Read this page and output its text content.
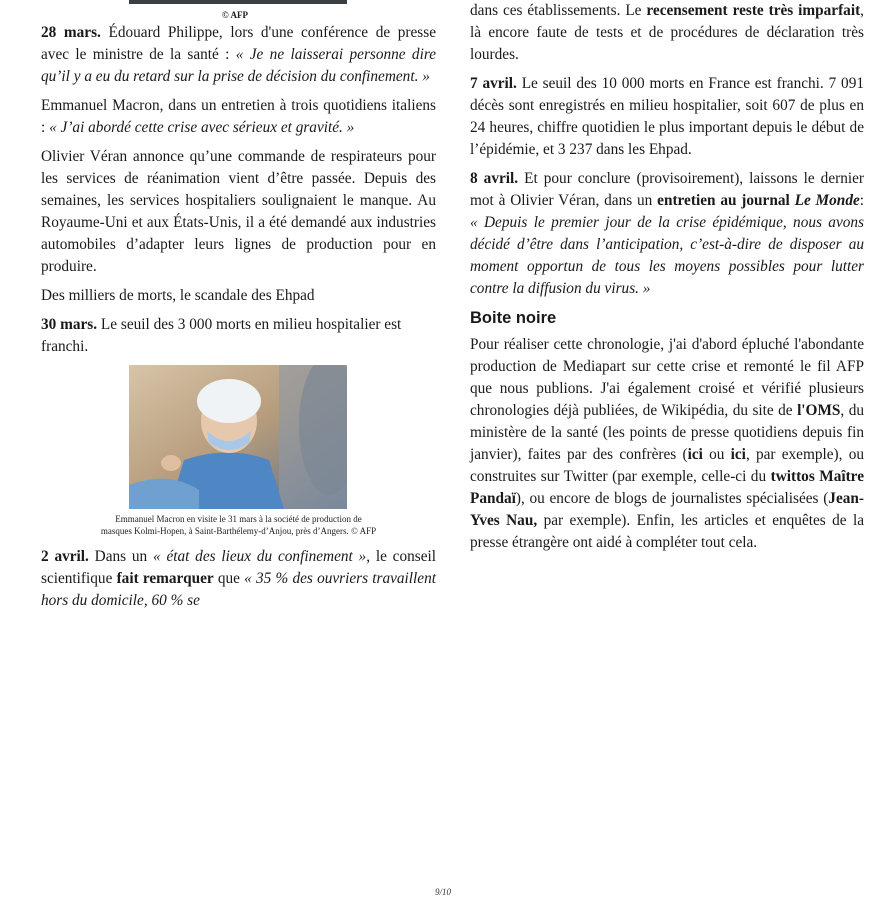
© AFP

28 mars. Édouard Philippe, lors d'une conférence de presse avec le ministre de la santé : « Je ne laisserai personne dire qu’il y a eu du retard sur la prise de décision du confinement. »

Emmanuel Macron, dans un entretien à trois quotidiens italiens : « J’ai abordé cette crise avec sérieux et gravité. »

Olivier Véran annonce qu’une commande de respirateurs pour les services de réanimation vient d’être passée. Depuis des semaines, les services hospitaliers soulignaient le manque. Au Royaume-Uni et aux États-Unis, il a été demandé aux industries automobiles d’adapter leurs lignes de production pour en produire.

Des milliers de morts, le scandale des Ehpad

30 mars. Le seuil des 3 000 morts en milieu hospitalier est franchi.

Emmanuel Macron en visite le 31 mars à la société de production de
masques Kolmi-Hopen, à Saint-Barthélemy-d’Anjou, près d’Angers. © AFP

2 avril. Dans un « état des lieux du confinement », le conseil scientifique fait remarquer que « 35 % des ouvriers travaillent hors du domicile, 60 % se

dans ces établissements. Le recensement reste très imparfait, là encore faute de tests et de procédures de déclaration très lourdes.

7 avril. Le seuil des 10 000 morts en France est franchi. 7 091 décès sont enregistrés en milieu hospitalier, soit 607 de plus en 24 heures, chiffre quotidien le plus important depuis le début de l’épidémie, et 3 237 dans les Ehpad.

8 avril. Et pour conclure (provisoirement), laissons le dernier mot à Olivier Véran, dans un entretien au journal Le Monde: « Depuis le premier jour de la crise épidémique, nous avons décidé d’être dans l’anticipation, c’est-à-dire de disposer au moment opportun de tous les moyens possibles pour lutter contre la diffusion du virus. »

Boite noire

Pour réaliser cette chronologie, j'ai d'abord épluché l'abondante production de Mediapart sur cette crise et remonté le fil AFP que nous publions. J'ai également croisé et vérifié plusieurs chronologies déjà publiées, de Wikipédia, du site de l'OMS, du ministère de la santé (les points de presse quotidiens depuis fin janvier), faites par des confrères (ici ou ici, par exemple), ou construites sur Twitter (par exemple, celle-ci du twittos Maître Pandaï), ou encore de blogs de journalistes spécialisées (Jean-Yves Nau, par exemple). Enfin, les articles et enquêtes de la presse étrangère ont aidé à compléter tout cela.

9/10
